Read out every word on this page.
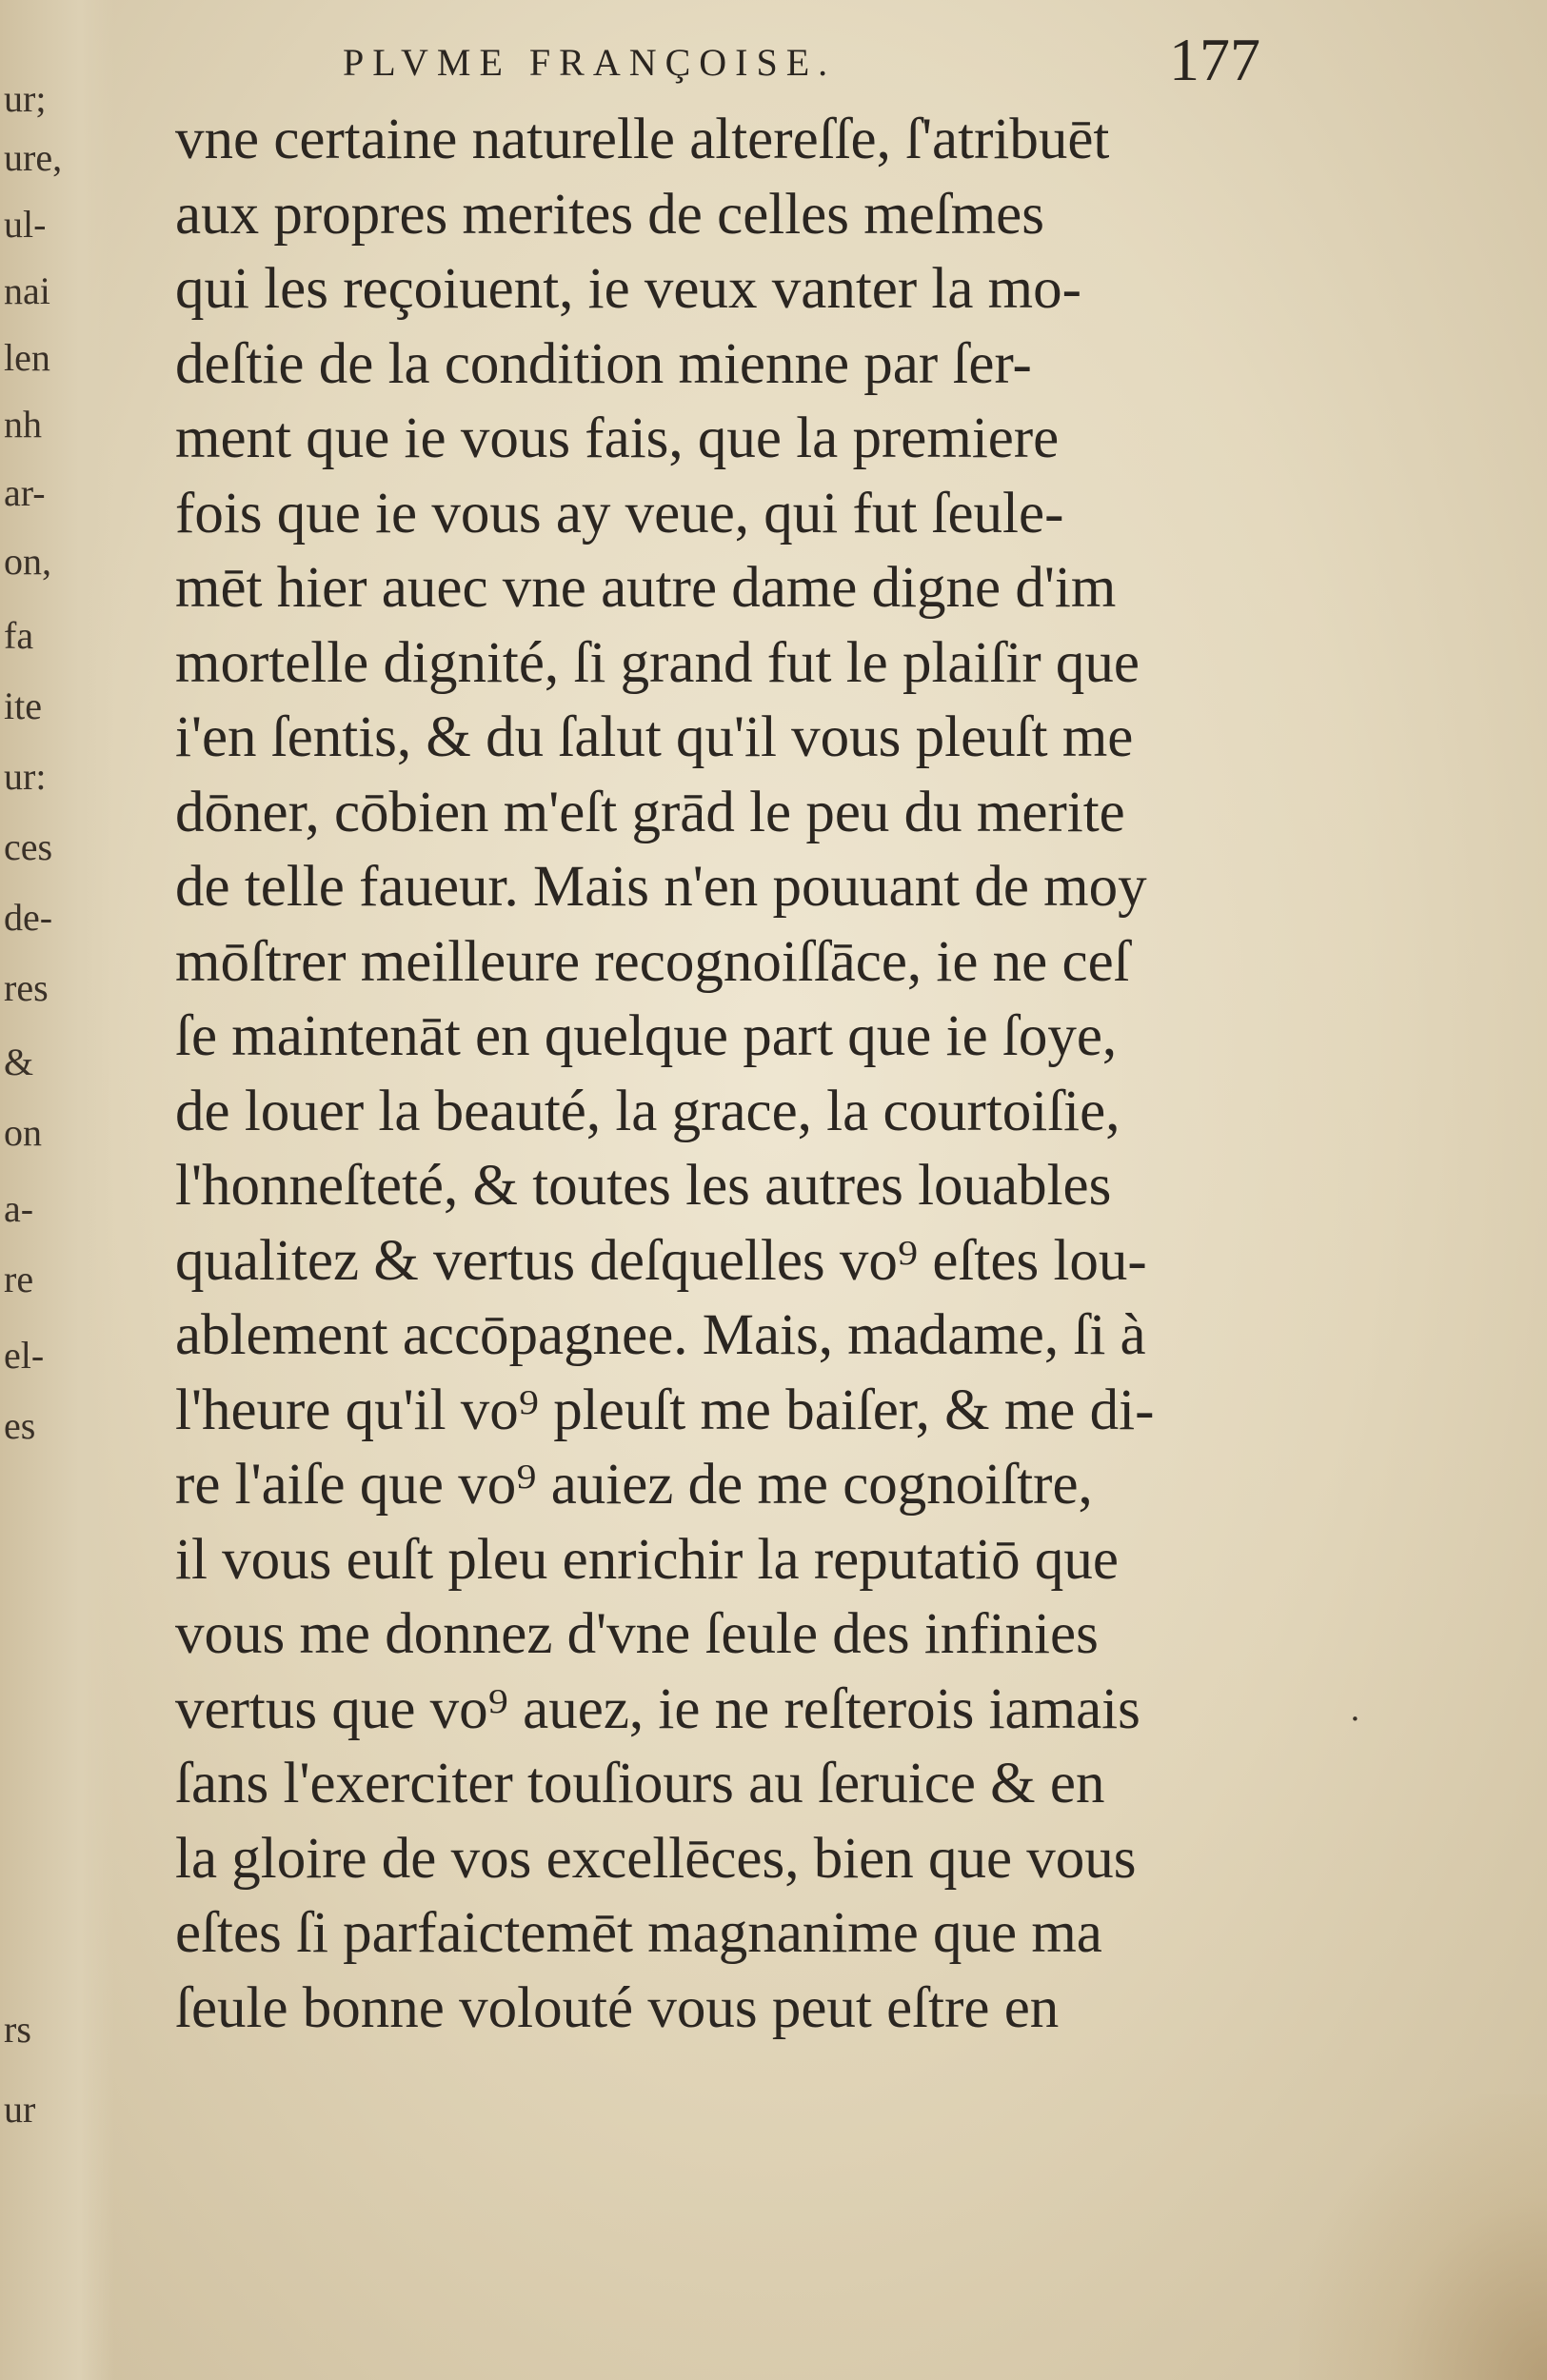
ur;
ure,
ul-
nai
len
nh
ar-
on,
fa
ite
ur:
ces
de-
res
&
on
a-
re
el-
es
rs
ur
PLVME FRANÇOISE.	177
vne certaine naturelle altereſſe, ſ'atribuēt
aux propres merites de celles meſmes
qui les reçoiuent, ie veux vanter la mo-
deſtie de la condition mienne par ſer-
ment que ie vous fais, que la premiere
fois que ie vous ay veue, qui fut ſeule-
mēt hier auec vne autre dame digne d'im
mortelle dignité, ſi grand fut le plaiſir que
i'en ſentis, & du ſalut qu'il vous pleuſt me
dōner, cōbien m'eſt grād le peu du merite
de telle faueur. Mais n'en pouuant de moy
mōſtrer meilleure recognoiſſāce, ie ne ceſ
ſe maintenāt en quelque part que ie ſoye,
de louer la beauté, la grace, la courtoiſie,
l'honneſteté, & toutes les autres louables
qualitez & vertus deſquelles vo⁹ eſtes lou-
ablement accōpagnee. Mais, madame, ſi à
l'heure qu'il vo⁹ pleuſt me baiſer, & me di-
re l'aiſe que vo⁹ auiez de me cognoiſtre,
il vous euſt pleu enrichir la reputatiō que
vous me donnez d'vne ſeule des infinies
vertus que vo⁹ auez, ie ne reſterois iamais
ſans l'exerciter touſiours au ſeruice & en
la gloire de vos excellēces, bien que vous
eſtes ſi parfaictemēt magnanime que ma
ſeule bonne volouté vous peut eſtre en
·
